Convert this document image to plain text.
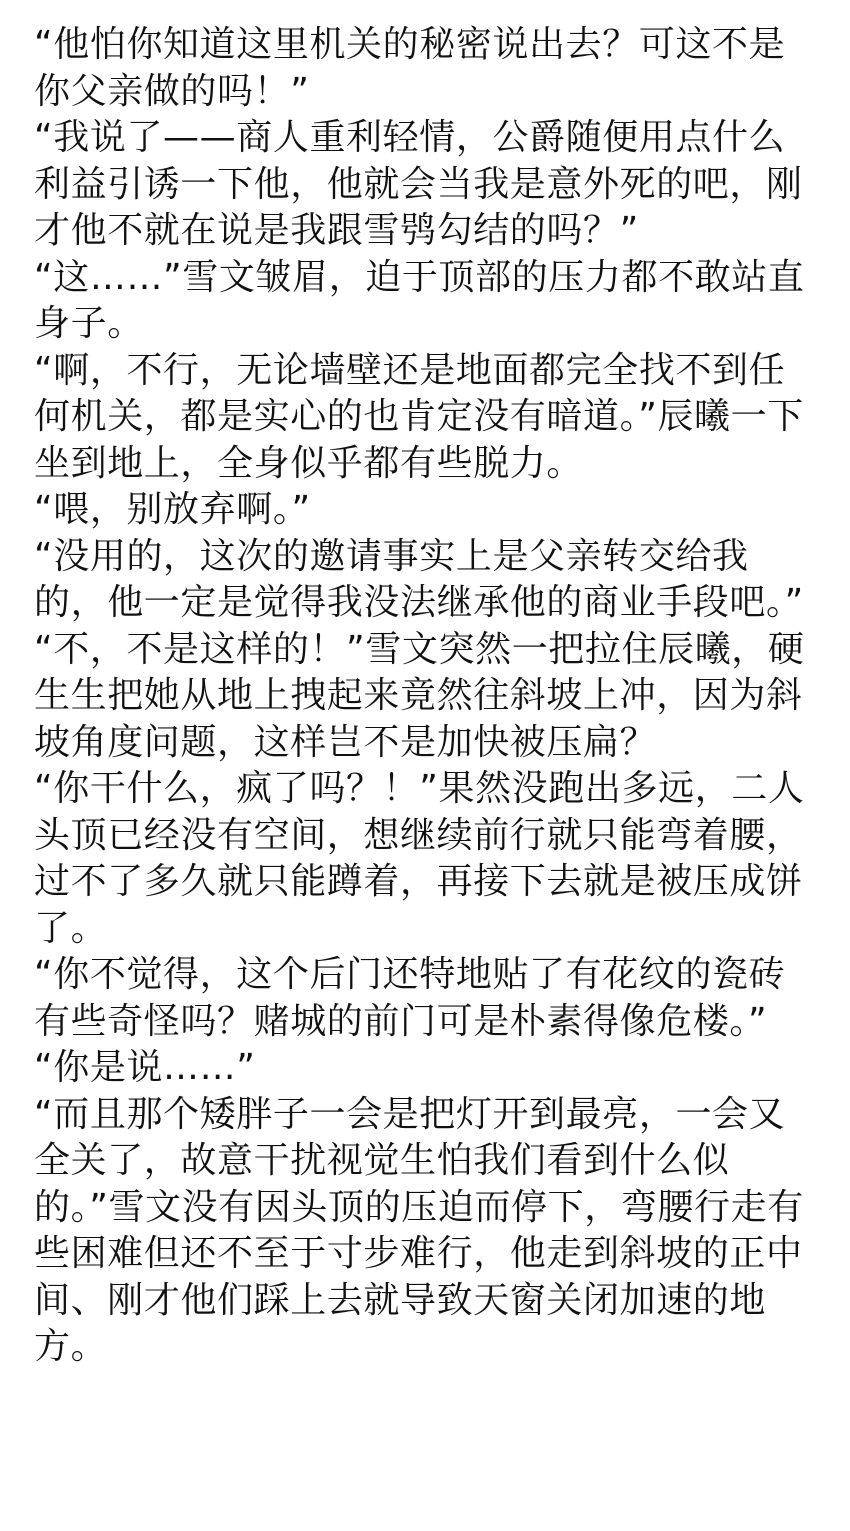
“他怕你知道这里机关的秘密说出去？可这不是你父亲做的吗！”

“我说了——商人重利轻情，公爵随便用点什么利益引诱一下他，他就会当我是意外死的吧，刚才他不就在说是我跟雪鸮勾结的吗？”

“这……”雪文皱眉，迫于顶部的压力都不敢站直身子。

“啊，不行，无论墙壁还是地面都完全找不到任何机关，都是实心的也肯定没有暗道。”辰曦一下坐到地上，全身似乎都有些脱力。

“喂，别放弃啊。”

“没用的，这次的邀请事实上是父亲转交给我的，他一定是觉得我没法继承他的商业手段吧。”

“不，不是这样的！”雪文突然一把拉住辰曦，硬生生把她从地上拽起来竟然往斜坡上冲，因为斜坡角度问题，这样岂不是加快被压扁？

“你干什么，疯了吗？！”果然没跑出多远，二人头顶已经没有空间，想继续前行就只能弯着腰，过不了多久就只能蹲着，再接下去就是被压成饼了。

“你不觉得，这个后门还特地贴了有花纹的瓷砖有些奇怪吗？赌城的前门可是朴素得像危楼。”

“你是说……”

“而且那个矮胖子一会是把灯开到最亮，一会又全关了，故意干扰视觉生怕我们看到什么似的。”雪文没有因头顶的压迫而停下，弯腰行走有些困难但还不至于寸步难行，他走到斜坡的正中间、刚才他们踩上去就导致天窗关闭加速的地方。
